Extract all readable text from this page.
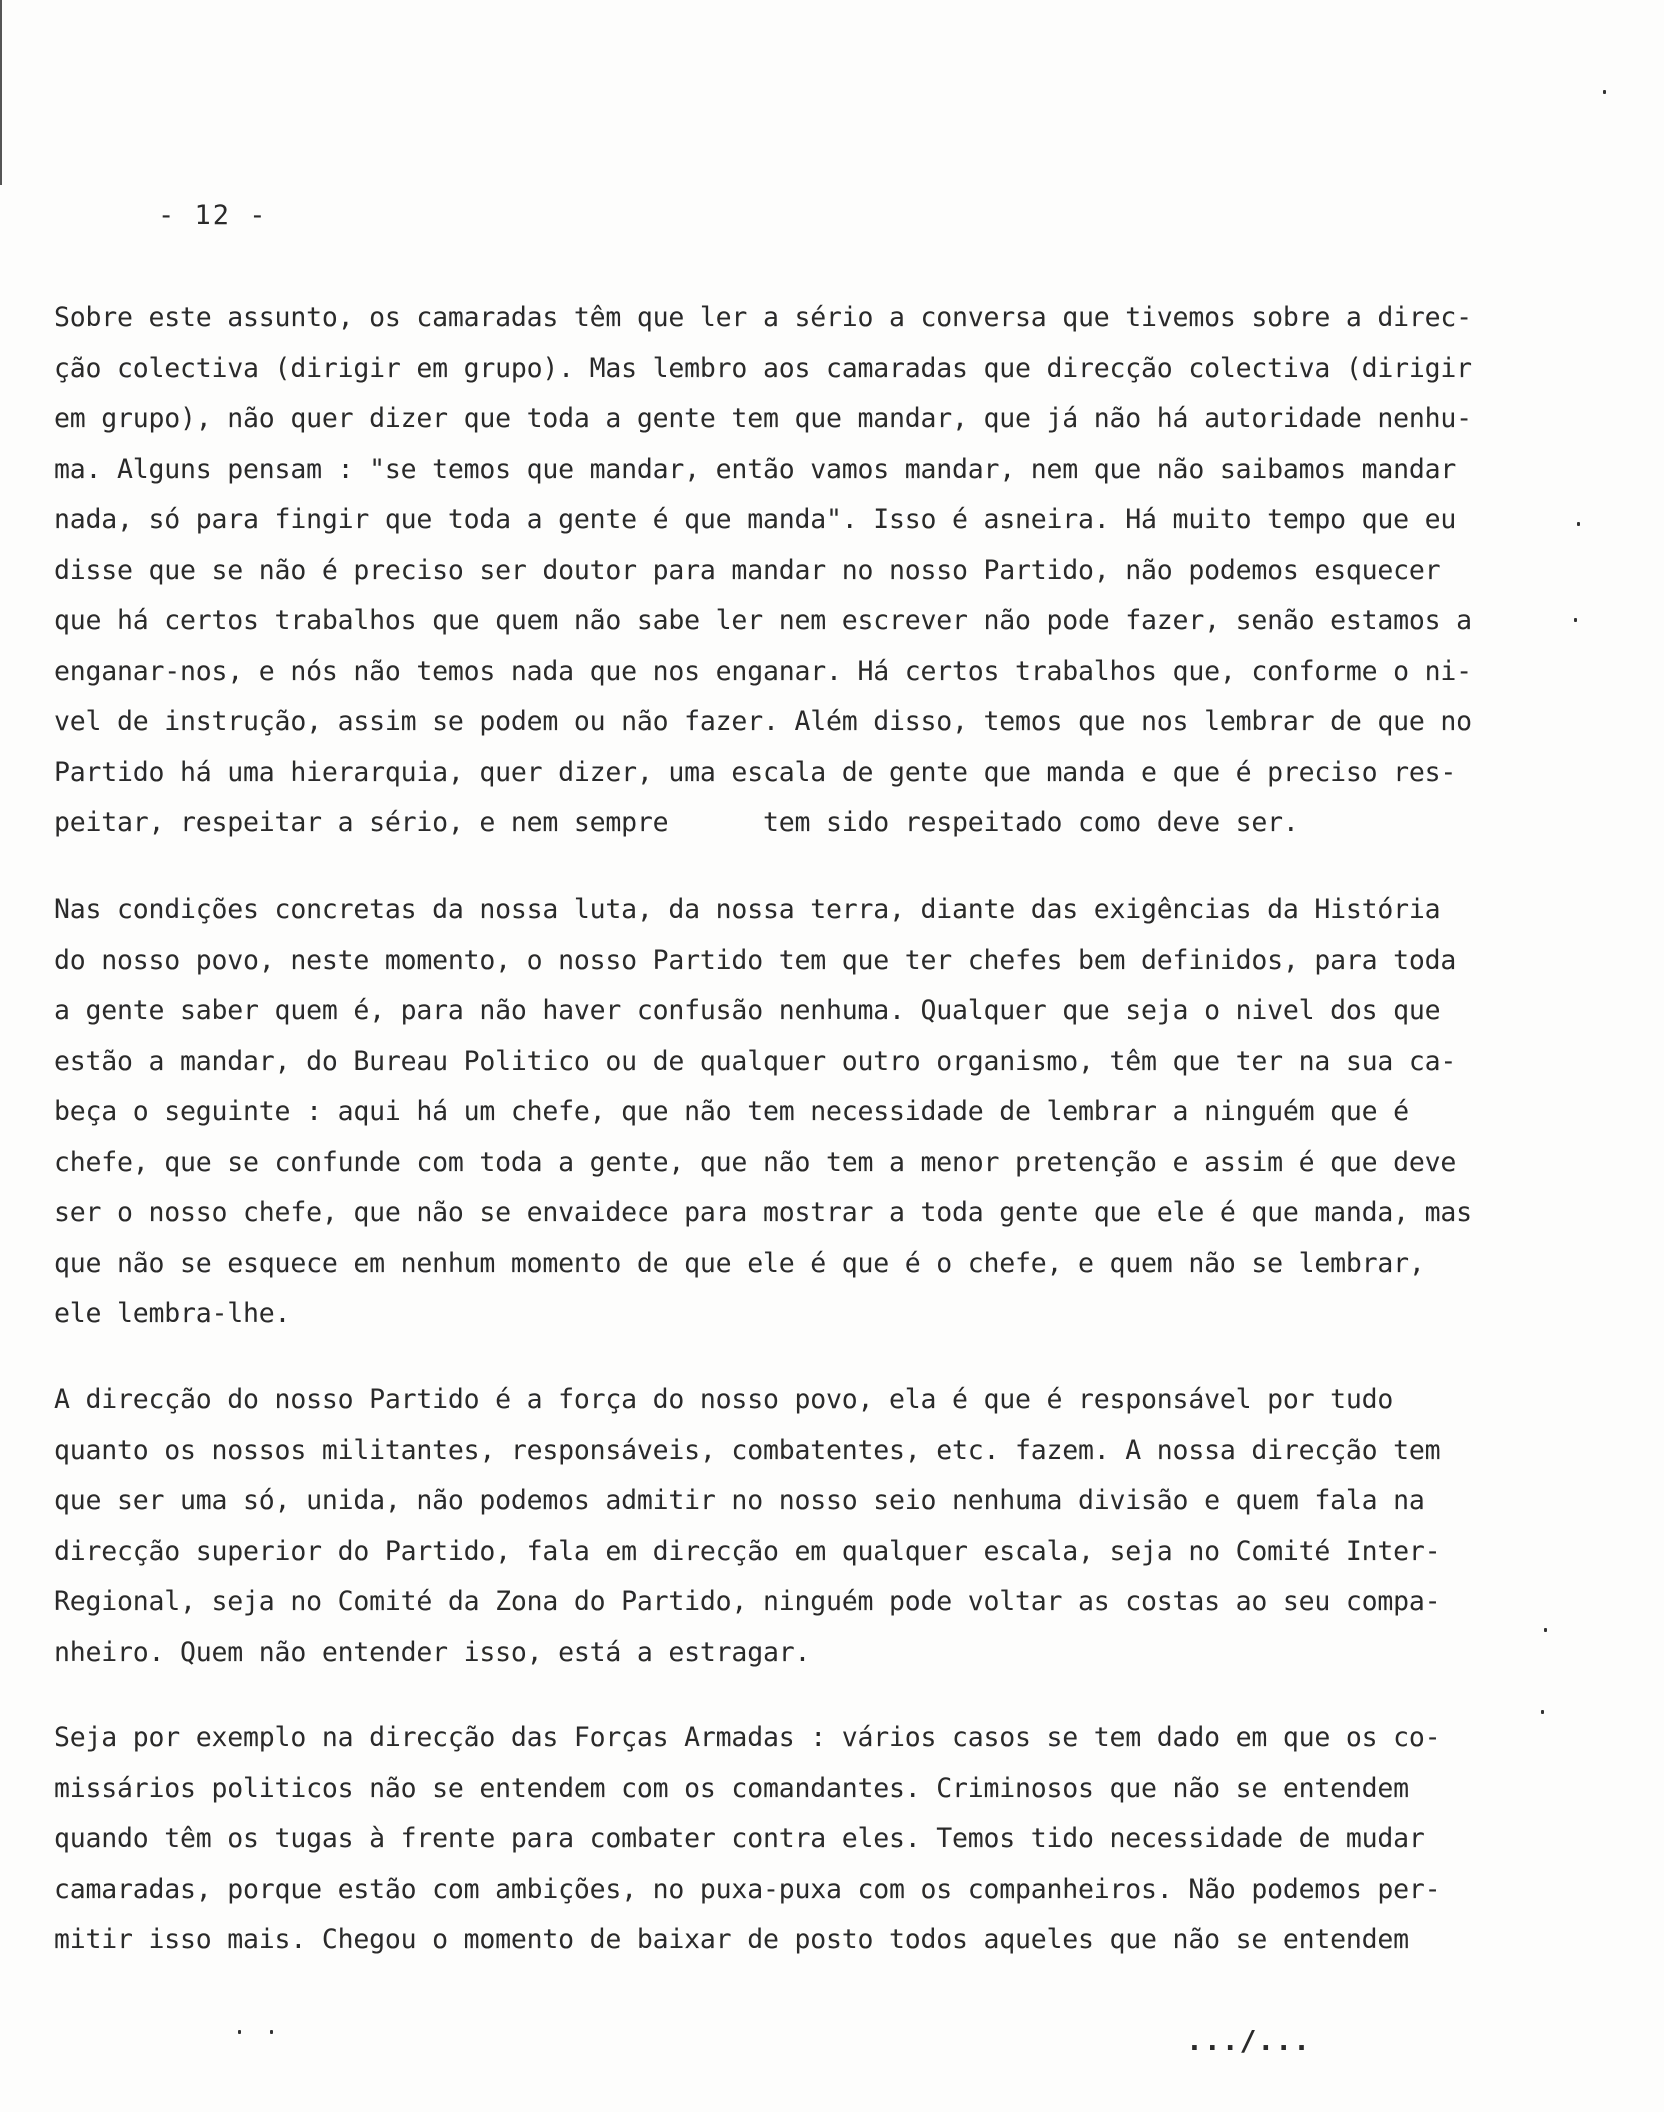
- 12 -
Sobre este assunto, os camaradas têm que ler a sério a conversa que tivemos sobre a direc-
ção colectiva (dirigir em grupo). Mas lembro aos camaradas que direcção colectiva (dirigir
em grupo), não quer dizer que toda a gente tem que mandar, que já não há autoridade nenhu-
ma. Alguns pensam : "se temos que mandar, então vamos mandar, nem que não saibamos mandar
nada, só para fingir que toda a gente é que manda". Isso é asneira. Há muito tempo que eu
disse que se não é preciso ser doutor para mandar no nosso Partido, não podemos esquecer
que há certos trabalhos que quem não sabe ler nem escrever não pode fazer, senão estamos a
enganar-nos, e nós não temos nada que nos enganar. Há certos trabalhos que, conforme o ni-
vel de instrução, assim se podem ou não fazer. Além disso, temos que nos lembrar de que no
Partido há uma hierarquia, quer dizer, uma escala de gente que manda e que é preciso res-
peitar, respeitar a sério, e nem sempre      tem sido respeitado como deve ser.
Nas condições concretas da nossa luta, da nossa terra, diante das exigências da História
do nosso povo, neste momento, o nosso Partido tem que ter chefes bem definidos, para toda
a gente saber quem é, para não haver confusão nenhuma. Qualquer que seja o nivel dos que
estão a mandar, do Bureau Politico ou de qualquer outro organismo, têm que ter na sua ca-
beça o seguinte : aqui há um chefe, que não tem necessidade de lembrar a ninguém que é
chefe, que se confunde com toda a gente, que não tem a menor pretenção e assim é que deve
ser o nosso chefe, que não se envaidece para mostrar a toda gente que ele é que manda, mas
que não se esquece em nenhum momento de que ele é que é o chefe, e quem não se lembrar,
ele lembra-lhe.
A direcção do nosso Partido é a força do nosso povo, ela é que é responsável por tudo
quanto os nossos militantes, responsáveis, combatentes, etc. fazem. A nossa direcção tem
que ser uma só, unida, não podemos admitir no nosso seio nenhuma divisão e quem fala na
direcção superior do Partido, fala em direcção em qualquer escala, seja no Comité Inter-
Regional, seja no Comité da Zona do Partido, ninguém pode voltar as costas ao seu compa-
nheiro. Quem não entender isso, está a estragar.
Seja por exemplo na direcção das Forças Armadas : vários casos se tem dado em que os co-
missários politicos não se entendem com os comandantes. Criminosos que não se entendem
quando têm os tugas à frente para combater contra eles. Temos tido necessidade de mudar
camaradas, porque estão com ambições, no puxa-puxa com os companheiros. Não podemos per-
mitir isso mais. Chegou o momento de baixar de posto todos aqueles que não se entendem
.../...
